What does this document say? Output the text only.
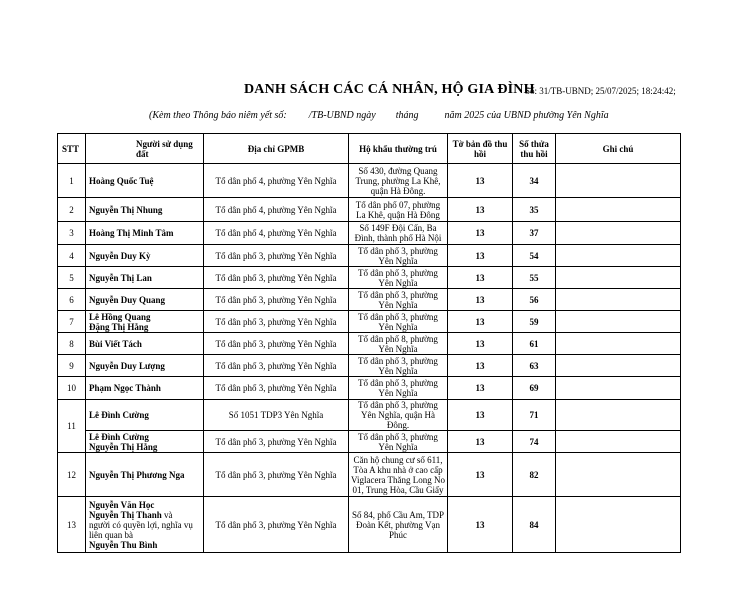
DANH SÁCH CÁC CÁ NHÂN, HỘ GIA ĐÌNH
Số: 31/TB-UBND; 25/07/2025; 18:24:42;
(Kèm theo Thông báo niêm yết số: /TB-UBND ngày tháng	năm 2025 của UBND phường Yên Nghĩa
STT	Người sử dụng đất	Địa chỉ GPMB	Hộ khẩu thường trú	Tờ bản đồ thu hồi	Số thửa thu hồi	Ghi chú
1	Hoàng Quốc Tuệ	Tổ dân phố 4, phường Yên Nghĩa	Số 430, đường Quang Trung, phường La Khê, quận Hà Đông.	13	34	
2	Nguyễn Thị Nhung	Tổ dân phố 4, phường Yên Nghĩa	Tổ dân phố 07, phường La Khê, quận Hà Đông	13	35	
3	Hoàng Thị Minh Tâm	Tổ dân phố 4, phường Yên Nghĩa	Số 149F Đội Cấn, Ba Đình, thành phố Hà Nội	13	37	
4	Nguyễn Duy Kỳ	Tổ dân phố 3, phường Yên Nghĩa	Tổ dân phố 3, phường Yên Nghĩa	13	54	
5	Nguyễn Thị Lan	Tổ dân phố 3, phường Yên Nghĩa	Tổ dân phố 3, phường Yên Nghĩa	13	55	
6	Nguyễn Duy Quang	Tổ dân phố 3, phường Yên Nghĩa	Tổ dân phố 3, phường Yên Nghĩa	13	56	
7	Lê Hồng Quang
Đặng Thị Hằng	Tổ dân phố 3, phường Yên Nghĩa	Tổ dân phố 3, phường Yên Nghĩa	13	59	
8	Bùi Viết Tách	Tổ dân phố 3, phường Yên Nghĩa	Tổ dân phố 8, phường Yên Nghĩa	13	61	
9	Nguyễn Duy Lượng	Tổ dân phố 3, phường Yên Nghĩa	Tổ dân phố 3, phường Yên Nghĩa	13	63	
10	Phạm Ngọc Thành	Tổ dân phố 3, phường Yên Nghĩa	Tổ dân phố 3, phường Yên Nghĩa	13	69	
11	Lê Đình Cường	Số 1051 TDP3 Yên Nghĩa	Tổ dân phố 3, phường Yên Nghĩa, quận Hà Đông.	13	71	

	Lê Đình Cường
Nguyễn Thị Hằng	Tổ dân phố 3, phường Yên Nghĩa	Tổ dân phố 3, phường Yên Nghĩa	13	74	
12	Nguyễn Thị Phương Nga	Tổ dân phố 3, phường Yên Nghĩa	Căn hộ chung cư số 611, Tòa A khu nhà ở cao cấp Viglacera Thăng Long No 01, Trung Hòa, Cầu Giấy	13	82	
13	Nguyễn Văn Học
Nguyễn Thị Thanh và
người có quyền lợi, nghĩa vụ liên quan bà
Nguyễn Thu Bình	Tổ dân phố 3, phường Yên Nghĩa	Số 84, phố Cầu Am, TDP Đoàn Kết, phường Vạn Phúc	13	84	
